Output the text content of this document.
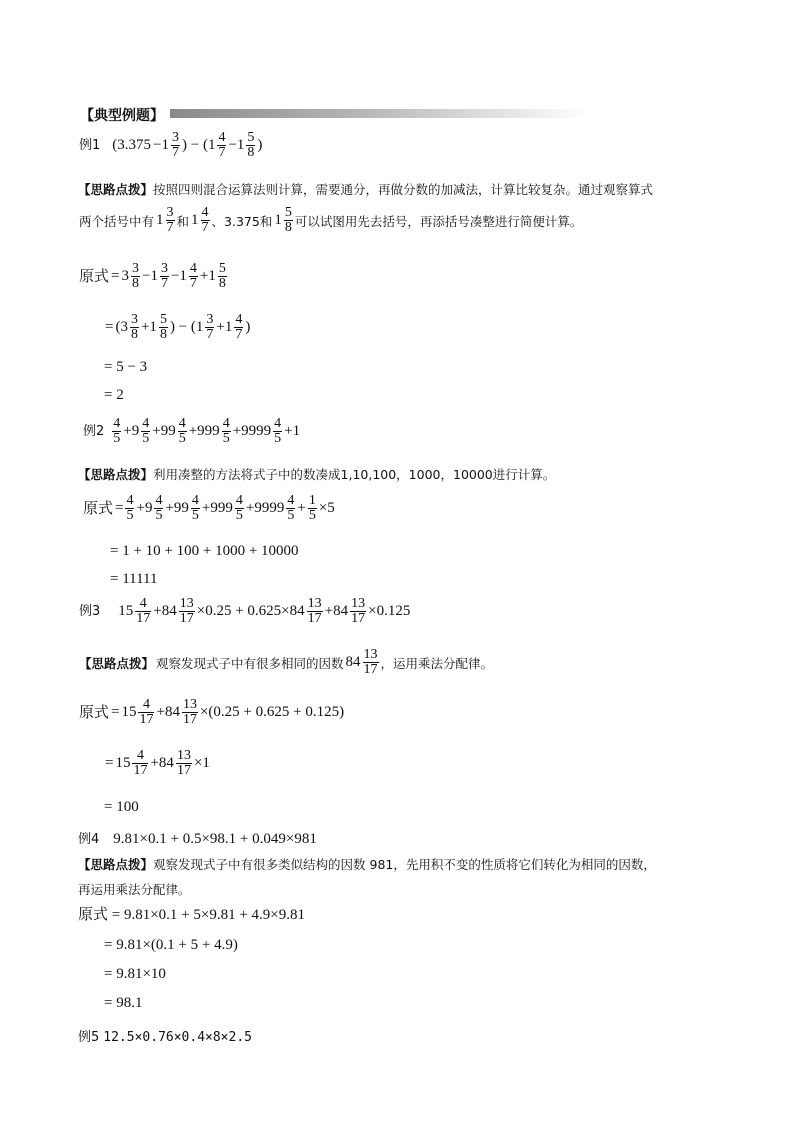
【典型例题】
例1 ($3.375 -1 \frac{3}{7}$ ) − ($1 \frac{4}{7} -1 \frac{5}{8}$ )
【思路点拨】按照四则混合运算法则计算，需要通分，再做分数的加减法，计算比较复杂。通过观察算式
两个括号中有 $1 \frac{3}{7}$ 和 $1 \frac{4}{7}$ 、3.375和 $1 \frac{5}{8}$ 可以试图用先去括号，再添括号凑整进行简便计算。
原式 = $3 \frac{3}{8} -1 \frac{3}{7} -1 \frac{4}{7} +1 \frac{5}{8}$
= ($3 \frac{3}{8} +1 \frac{5}{8}$ ) − ($1 \frac{3}{7} +1 \frac{4}{7}$ )
= 5 − 3
= 2
例$2 \frac{4}{5} +9 \frac{4}{5} +99 \frac{4}{5} +999 \frac{4}{5} +9999 \frac{4}{5} +1$
【思路点拨】利用凑整的方法将式子中的数凑成1,10,100，1000，10000进行计算。
原式 = $\frac{4}{5} +9 \frac{4}{5} +99 \frac{4}{5} +999 \frac{4}{5} +9999 \frac{4}{5} + \frac{1}{5} \times 5$
= 1 + 10 + 100 + 1000 + 10000
= 11111
例3 $15 \frac{4}{17} +84 \frac{13}{17} \times 0.25 + 0.625\times 84 \frac{13}{17} +84 \frac{13}{17} \times 0.125$
【思路点拨】 观察发现式子中有很多相同的因数 $84 \frac{13}{17}$ ，运用乘法分配律。
原式 = $15 \frac{4}{17} +84 \frac{13}{17} \times(0.25 + 0.625 + 0.125)$
= $15 \frac{4}{17} +84 \frac{13}{17} \times 1$
= 100
例4 9.81×0.1 + 0.5×98.1 + 0.049×981
【思路点拨】观察发现式子中有很多类似结构的因数 981，先用积不变的性质将它们转化为相同的因数，
再运用乘法分配律。
原式 = 9.81×0.1 + 5×9.81 + 4.9×9.81
= 9.81×(0.1 + 5 + 4.9)
= 9.81×10
= 98.1
例5 12.5×0.76×0.4×8×2.5
